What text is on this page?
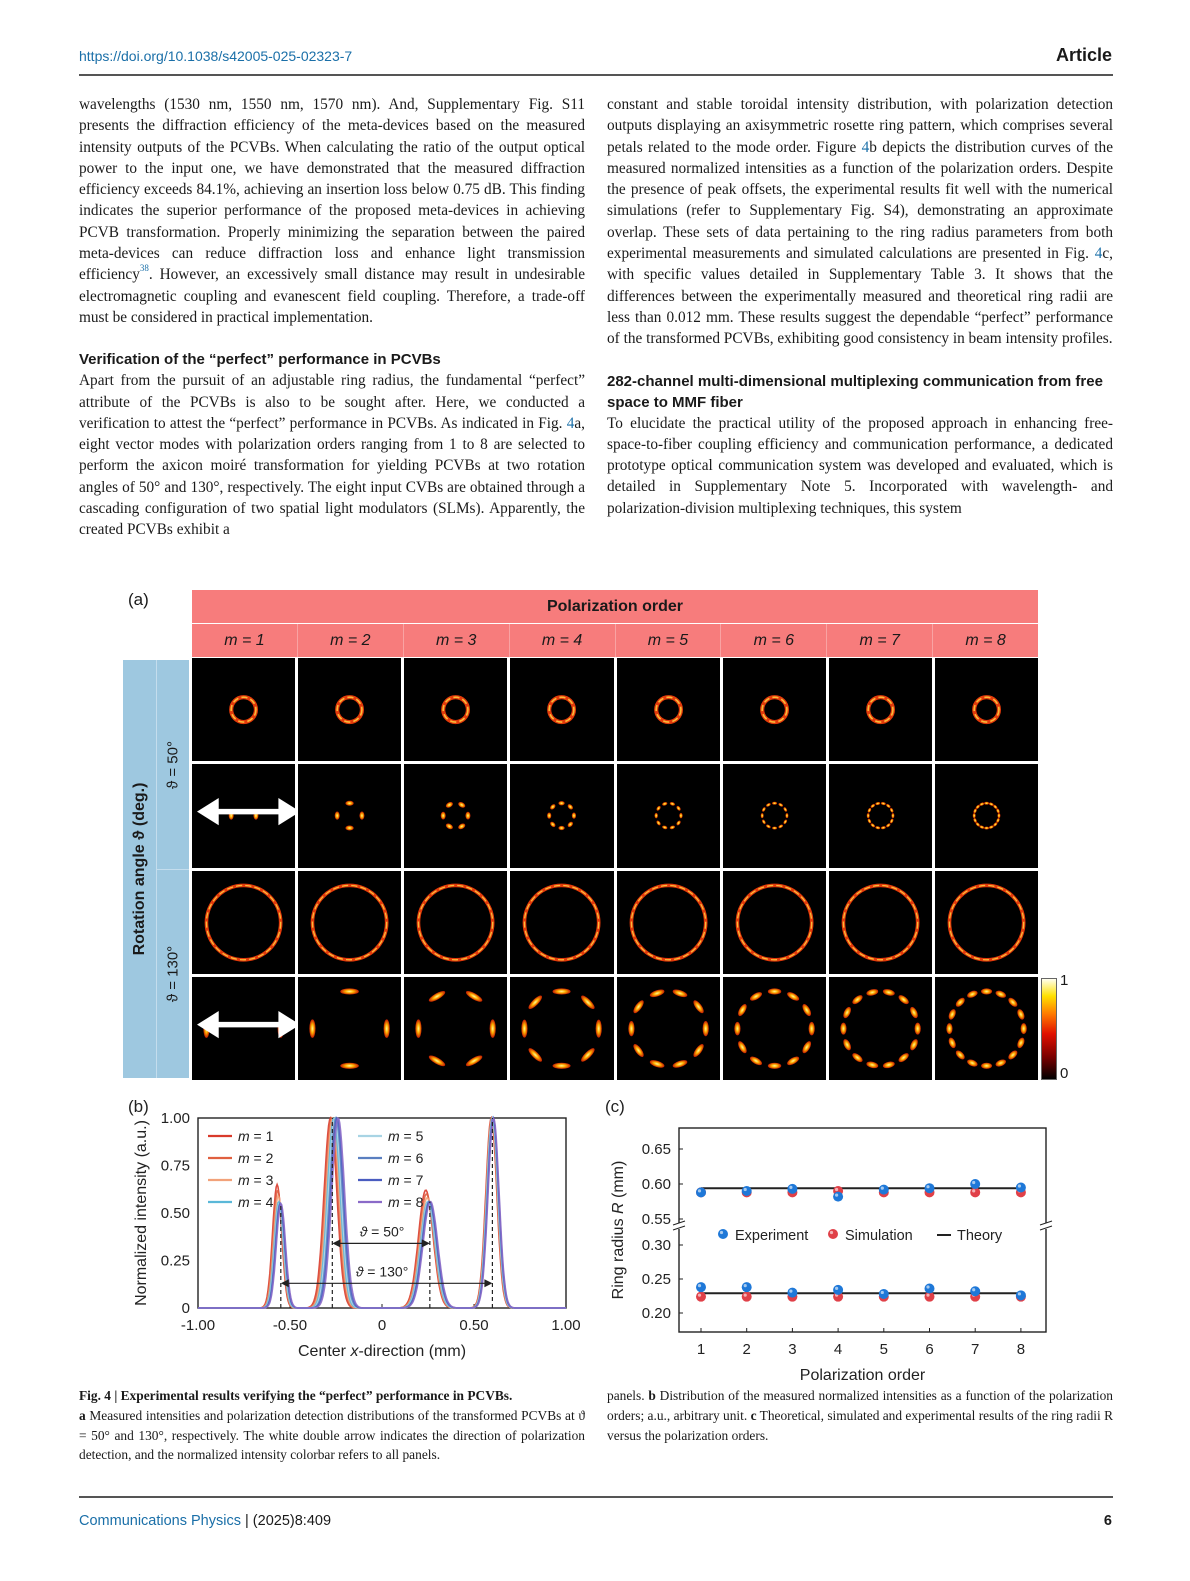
https://doi.org/10.1038/s42005-025-02323-7	Article

wavelengths (1530 nm, 1550 nm, 1570 nm). And, Supplementary Fig. S11 presents the diffraction efficiency of the meta-devices based on the measured intensity outputs of the PCVBs. When calculating the ratio of the output optical power to the input one, we have demonstrated that the measured diffraction efficiency exceeds 84.1%, achieving an insertion loss below 0.75 dB. This finding indicates the superior performance of the proposed meta-devices in achieving PCVB transformation. Properly minimizing the separation between the paired meta-devices can reduce diffraction loss and enhance light transmission efficiency$^{38}$. However, an excessively small distance may result in undesirable electromagnetic coupling and evanescent field coupling. Therefore, a trade-off must be considered in practical implementation.

Verification of the “perfect” performance in PCVBs

Apart from the pursuit of an adjustable ring radius, the fundamental “perfect” attribute of the PCVBs is also to be sought after. Here, we conducted a verification to attest the “perfect” performance in PCVBs. As indicated in Fig. 4a, eight vector modes with polarization orders ranging from 1 to 8 are selected to perform the axicon moiré transformation for yielding PCVBs at two rotation angles of 50° and 130°, respectively. The eight input CVBs are obtained through a cascading configuration of two spatial light modulators (SLMs). Apparently, the created PCVBs exhibit a

constant and stable toroidal intensity distribution, with polarization detection outputs displaying an axisymmetric rosette ring pattern, which comprises several petals related to the mode order. Figure 4b depicts the distribution curves of the measured normalized intensities as a function of the polarization orders. Despite the presence of peak offsets, the experimental results fit well with the numerical simulations (refer to Supplementary Fig. S4), demonstrating an approximate overlap. These sets of data pertaining to the ring radius parameters from both experimental measurements and simulated calculations are presented in Fig. 4c, with specific values detailed in Supplementary Table 3. It shows that the differences between the experimentally measured and theoretical ring radii are less than 0.012 mm. These results suggest the dependable “perfect” performance of the transformed PCVBs, exhibiting good consistency in beam intensity profiles.

282-channel multi-dimensional multiplexing communication from free space to MMF fiber

To elucidate the practical utility of the proposed approach in enhancing free-space-to-fiber coupling efficiency and communication performance, a dedicated prototype optical communication system was developed and evaluated, which is detailed in Supplementary Note 5. Incorporated with wavelength- and polarization-division multiplexing techniques, this system

(a)	Polarization order
m = 1	m = 2	m = 3	m = 4	m = 5	m = 6	m = 7	m = 8
Rotation angle ϑ (deg.)
ϑ = 50°
ϑ = 130°	1
0
(b)
-1.00	-0.50	0	0.50	1.00
0
0.25
0.50
0.75
1.00
Center x-direction (mm)
Normalized intensity (a.u.)	ϑ = 50°
ϑ = 130°
m = 1
m = 2
m = 3
m = 4
m = 5
m = 6
m = 7
m = 8
(c)
0.65
0.60
0.55
0.30
0.25
0.20
1 2 3 4 5 6 7 8
Polarization order
Ring radius R (mm)
Experiment	Simulation	Theory
Fig. 4 | Experimental results verifying the “perfect” performance in PCVBs.
a Measured intensities and polarization detection distributions of the transformed PCVBs at ϑ = 50° and 130°, respectively. The white double arrow indicates the direction of polarization detection, and the normalized intensity colorbar refers to all panels.
panels. b Distribution of the measured normalized intensities as a function of the polarization orders; a.u., arbitrary unit. c Theoretical, simulated and experimental results of the ring radii R versus the polarization orders.
Communications Physics | (2025)8:409	6
